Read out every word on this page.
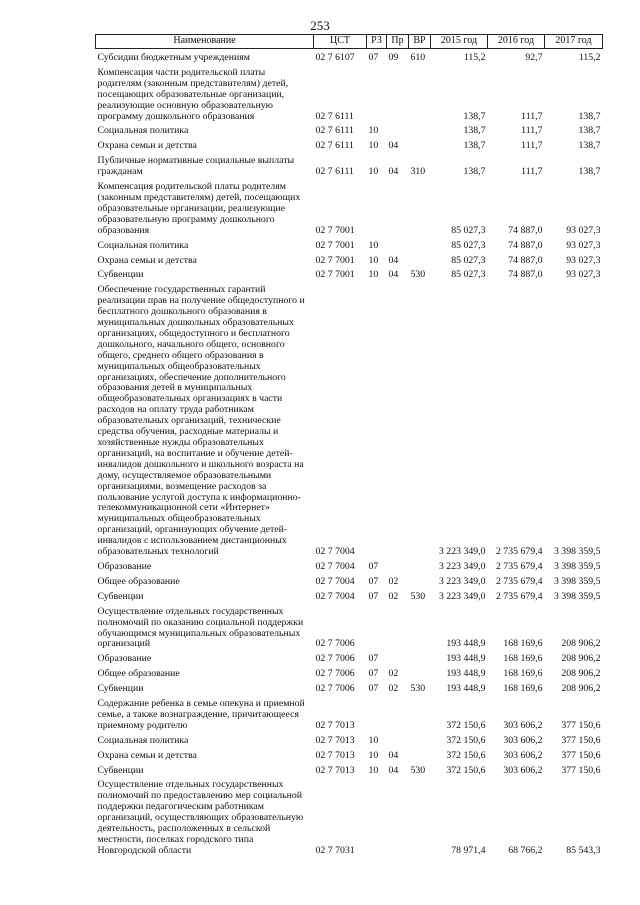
253
Наименование	ЦСТ	РЗ	Пр	ВР	2015 год	2016 год	2017 год
Субсидии бюджетным учреждениям	02 7 6107	07	09	610	115,2	92,7	115,2
Компенсация части родительской платы родителям (законным представителям) детей, посещающих образовательные организации, реализующие основную образовательную программу дошкольного образования	02 7 6111				138,7	111,7	138,7
Социальная политика	02 7 6111	10			138,7	111,7	138,7
Охрана семьи и детства	02 7 6111	10	04		138,7	111,7	138,7
Публичные нормативные социальные выплаты гражданам	02 7 6111	10	04	310	138,7	111,7	138,7
Компенсация родительской платы родителям (законным представителям) детей, посещающих образовательные организации, реализующие образовательную программу дошкольного образования	02 7 7001				85 027,3	74 887,0	93 027,3
Социальная политика	02 7 7001	10			85 027,3	74 887,0	93 027,3
Охрана семьи и детства	02 7 7001	10	04		85 027,3	74 887,0	93 027,3
Субвенции	02 7 7001	10	04	530	85 027,3	74 887,0	93 027,3
Обеспечение государственных гарантий реализации прав на получение общедоступного и бесплатного дошкольного образования в муниципальных дошкольных образовательных организациях, общедоступного и бесплатного дошкольного, начального общего, основного общего, среднего общего образования в муниципальных общеобразовательных организациях, обеспечение дополнительного образования детей в муниципальных общеобразовательных организациях в части расходов на оплату труда работникам образовательных организаций, технические средства обучения, расходные материалы и хозяйственные нужды образовательных организаций, на воспитание и обучение детей-инвалидов дошкольного и школьного возраста на дому, осуществляемое образовательными организациями, возмещение расходов за пользование услугой доступа к информационно-телекоммуникационной сети «Интернет» муниципальных общеобразовательных организаций, организующих обучение детей-инвалидов с использованием дистанционных образовательных технологий	02 7 7004				3 223 349,0	2 735 679,4	3 398 359,5
Образование	02 7 7004	07			3 223 349,0	2 735 679,4	3 398 359,5
Общее образование	02 7 7004	07	02		3 223 349,0	2 735 679,4	3 398 359,5
Субвенции	02 7 7004	07	02	530	3 223 349,0	2 735 679,4	3 398 359,5
Осуществление отдельных государственных полномочий по оказанию социальной поддержки обучающимся муниципальных образовательных организаций	02 7 7006				193 448,9	168 169,6	208 906,2
Образование	02 7 7006	07			193 448,9	168 169,6	208 906,2
Общее образование	02 7 7006	07	02		193 448,9	168 169,6	208 906,2
Субвенции	02 7 7006	07	02	530	193 448,9	168 169,6	208 906,2
Содержание ребенка в семье опекуна и приемной семье, а также вознаграждение, причитающееся приемному родителю	02 7 7013				372 150,6	303 606,2	377 150,6
Социальная политика	02 7 7013	10			372 150,6	303 606,2	377 150,6
Охрана семьи и детства	02 7 7013	10	04		372 150,6	303 606,2	377 150,6
Субвенции	02 7 7013	10	04	530	372 150,6	303 606,2	377 150,6
Осуществление отдельных государственных полномочий по предоставлению мер социальной поддержки педагогическим работникам организаций, осуществляющих образовательную деятельность, расположенных в сельской местности, поселках городского типа Новгородской области	02 7 7031				78 971,4	68 766,2	85 543,3
